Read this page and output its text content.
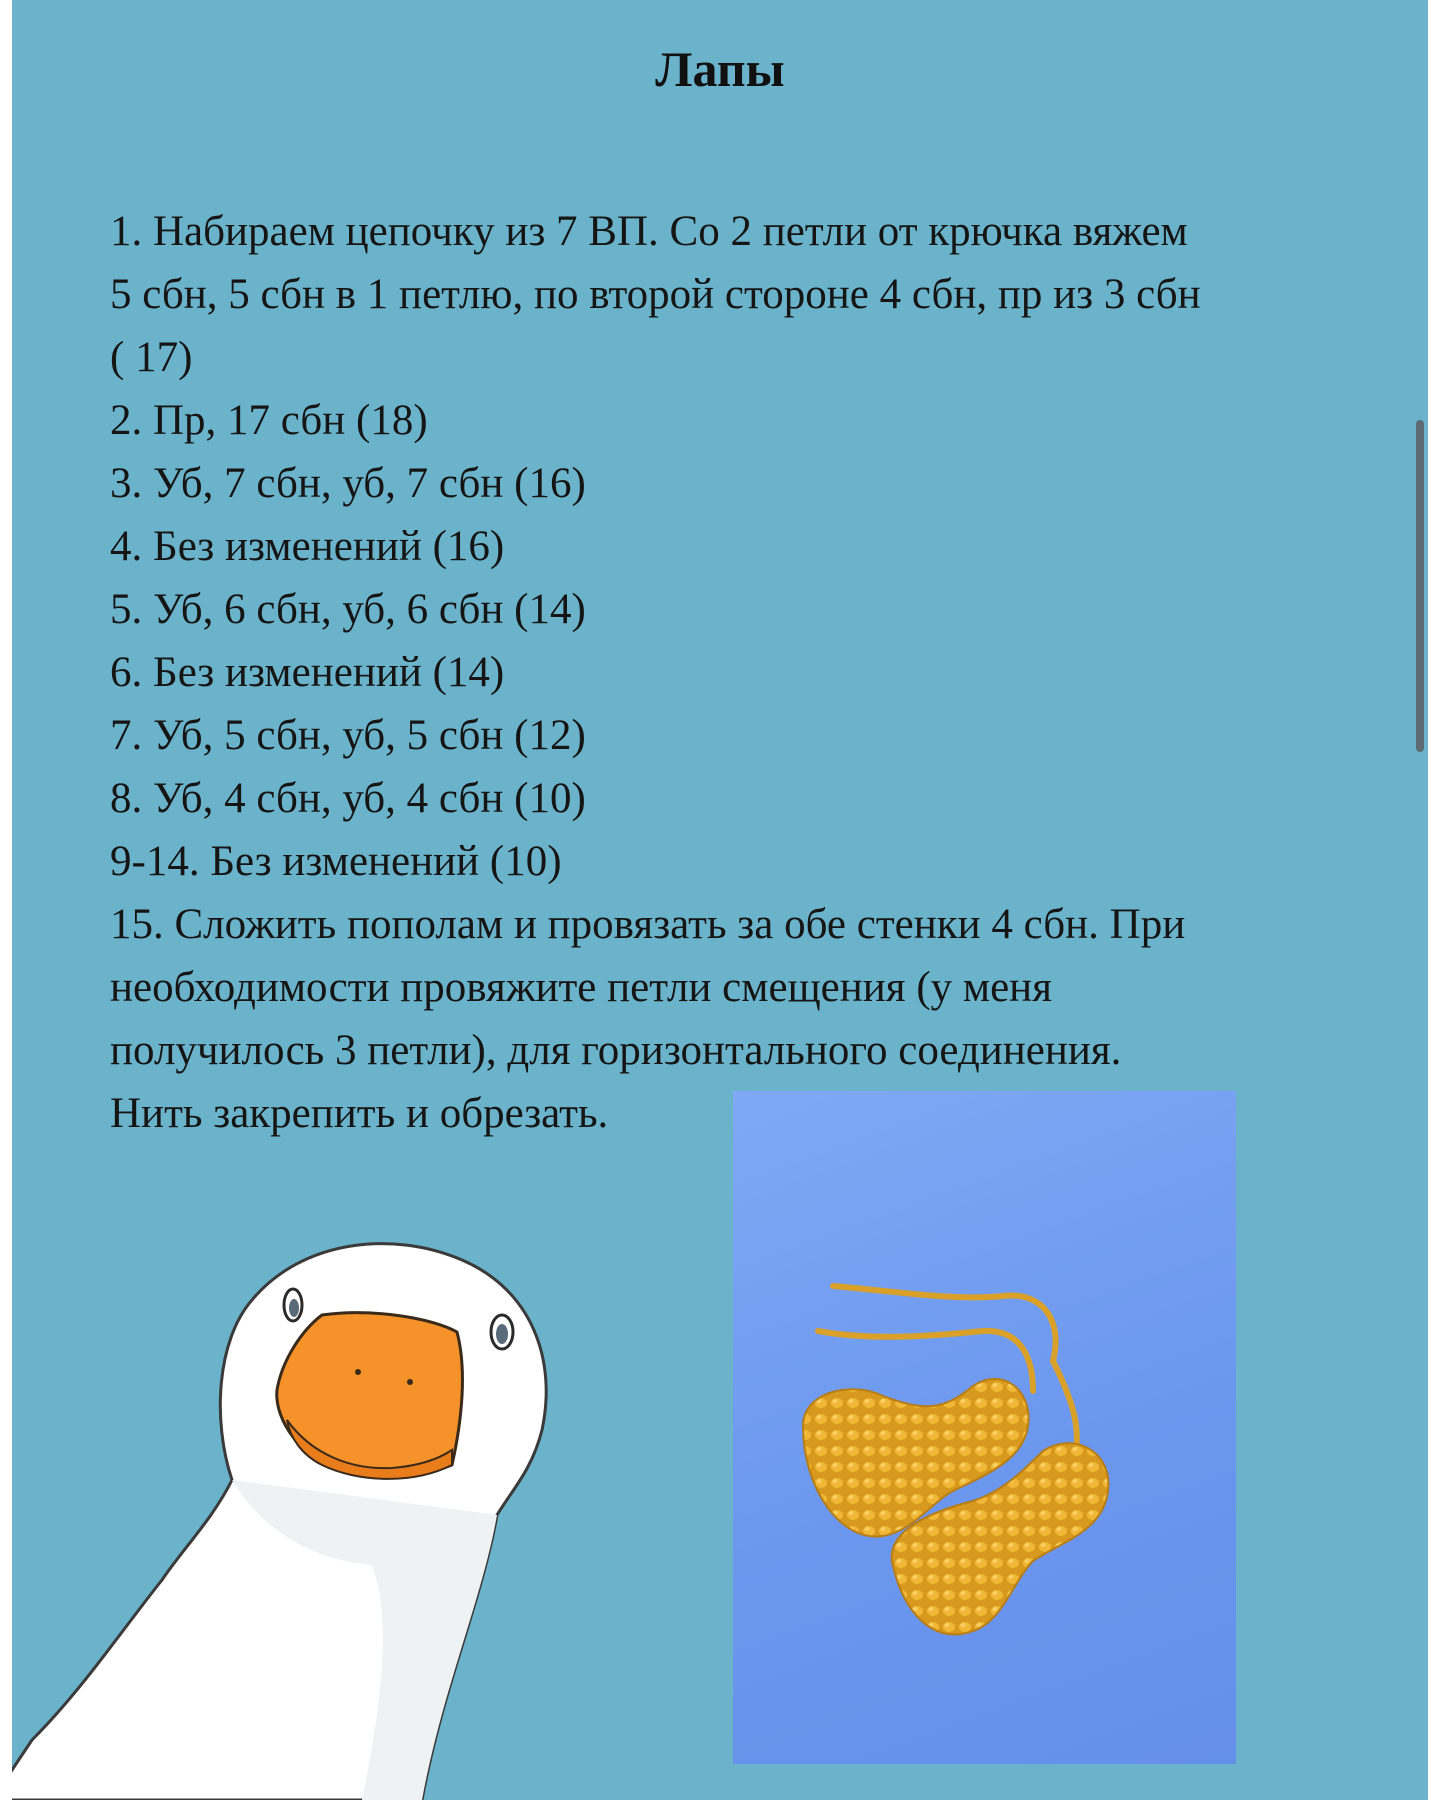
Лапы
1. Набираем цепочку из 7 ВП. Со 2 петли от крючка вяжем
5 сбн, 5 сбн в 1 петлю, по второй стороне 4 сбн, пр из 3 сбн
( 17)
2. Пр, 17 сбн (18)
3. Уб, 7 сбн, уб, 7 сбн (16)
4. Без изменений (16)
5. Уб, 6 сбн, уб, 6 сбн (14)
6. Без изменений (14)
7. Уб, 5 сбн, уб, 5 сбн (12)
8. Уб, 4 сбн, уб, 4 сбн (10)
9-14. Без изменений (10)
15. Сложить пополам и провязать за обе стенки 4 сбн. При
необходимости провяжите петли смещения (у меня
получилось 3 петли), для горизонтального соединения.
Нить закрепить и обрезать.
